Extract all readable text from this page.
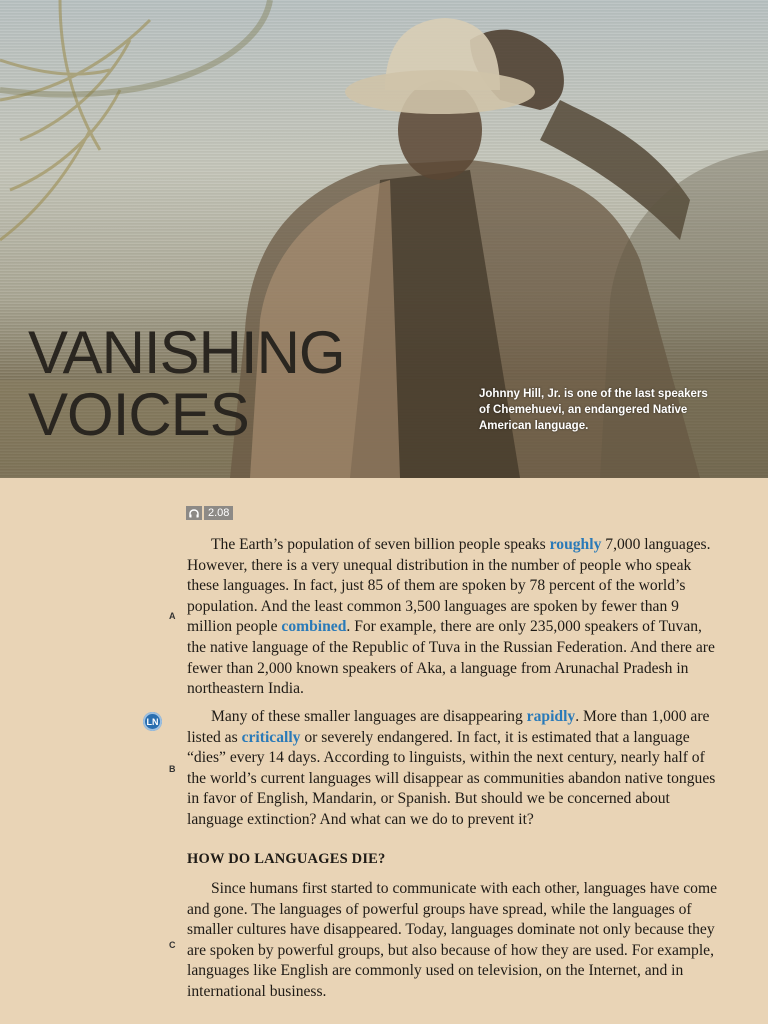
VANISHING
VOICES	Johnny Hill, Jr. is one of the last speakers of Chemehuevi, an endangered Native American language.
2.08
A
The Earth’s population of seven billion people speaks roughly 7,000 languages. However, there is a very unequal distribution in the number of people who speak these languages. In fact, just 85 of them are spoken by 78 percent of the world’s population. And the least common 3,500 languages are spoken by fewer than 9 million people combined. For example, there are only 235,000 speakers of Tuvan, the native language of the Republic of Tuva in the Russian Federation. And there are fewer than 2,000 known speakers of Aka, a language from Arunachal Pradesh in northeastern India.
LN
B
Many of these smaller languages are disappearing rapidly. More than 1,000 are listed as critically or severely endangered. In fact, it is estimated that a language “dies” every 14 days. According to linguists, within the next century, nearly half of the world’s current languages will disappear as communities abandon native tongues in favor of English, Mandarin, or Spanish. But should we be concerned about language extinction? And what can we do to prevent it?
HOW DO LANGUAGES DIE?
C
Since humans first started to communicate with each other, languages have come and gone. The languages of powerful groups have spread, while the languages of smaller cultures have disappeared. Today, languages dominate not only because they are spoken by powerful groups, but also because of how they are used. For example, languages like English are commonly used on television, on the Internet, and in international business.
